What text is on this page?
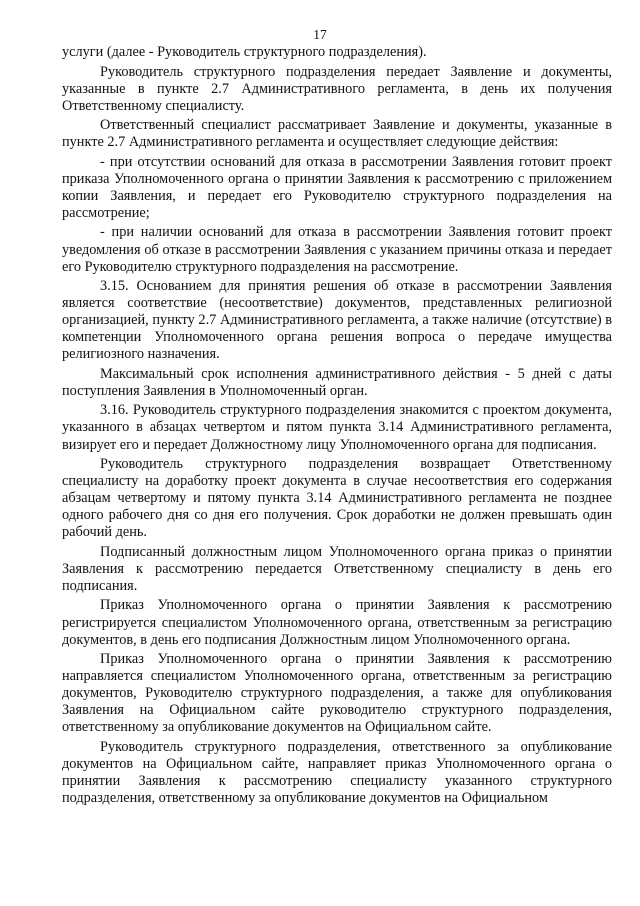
17

услуги (далее - Руководитель структурного подразделения).

Руководитель структурного подразделения передает Заявление и документы, указанные в пункте 2.7 Административного регламента, в день их получения Ответственному специалисту.

Ответственный специалист рассматривает Заявление и документы, указанные в пункте 2.7 Административного регламента и осуществляет следующие действия:

- при отсутствии оснований для отказа в рассмотрении Заявления готовит проект приказа Уполномоченного органа о принятии Заявления к рассмотрению с приложением копии Заявления, и передает его Руководителю структурного подразделения на рассмотрение;

- при наличии оснований для отказа в рассмотрении Заявления готовит проект уведомления об отказе в рассмотрении Заявления с указанием причины отказа и передает его Руководителю структурного подразделения на рассмотрение.

3.15. Основанием для принятия решения об отказе в рассмотрении Заявления является соответствие (несоответствие) документов, представленных религиозной организацией, пункту 2.7 Административного регламента, а также наличие (отсутствие) в компетенции Уполномоченного органа решения вопроса о передаче имущества религиозного назначения.

Максимальный срок исполнения административного действия - 5 дней с даты поступления Заявления в Уполномоченный орган.

3.16. Руководитель структурного подразделения знакомится с проектом документа, указанного в абзацах четвертом и пятом пункта 3.14 Административного регламента, визирует его и передает Должностному лицу Уполномоченного органа для подписания.

Руководитель структурного подразделения возвращает Ответственному специалисту на доработку проект документа в случае несоответствия его содержания абзацам четвертому и пятому пункта 3.14 Административного регламента не позднее одного рабочего дня со дня его получения. Срок доработки не должен превышать один рабочий день.

Подписанный должностным лицом Уполномоченного органа приказ о принятии Заявления к рассмотрению передается Ответственному специалисту в день его подписания.

Приказ Уполномоченного органа о принятии Заявления к рассмотрению регистрируется специалистом Уполномоченного органа, ответственным за регистрацию документов, в день его подписания Должностным лицом Уполномоченного органа.

Приказ Уполномоченного органа о принятии Заявления к рассмотрению направляется специалистом Уполномоченного органа, ответственным за регистрацию документов, Руководителю структурного подразделения, а также для опубликования Заявления на Официальном сайте руководителю структурного подразделения, ответственному за опубликование документов на Официальном сайте.

Руководитель структурного подразделения, ответственного за опубликование документов на Официальном сайте, направляет приказ Уполномоченного органа о принятии Заявления к рассмотрению специалисту указанного структурного подразделения, ответственному за опубликование документов на Официальном
